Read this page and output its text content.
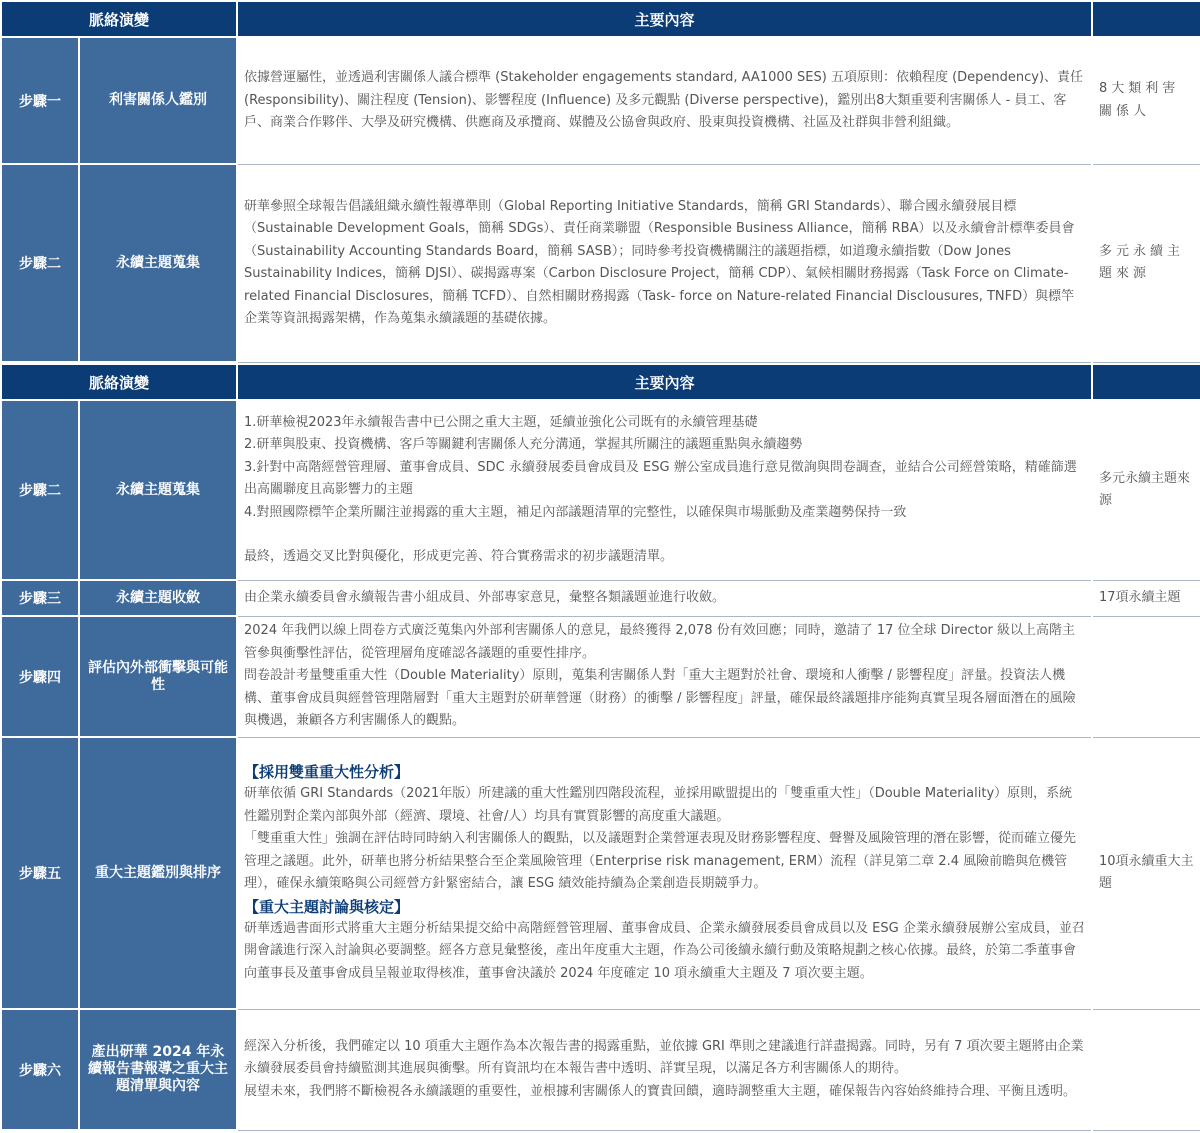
脈絡演變		主要內容	
步驟一	利害關係人鑑別	依據營運屬性，並透過利害關係人議合標準 (Stakeholder engagements standard, AA1000 SES) 五項原則：依賴程度 (Dependency)、責任 (Responsibility)、關注程度 (Tension)、影響程度 (Influence) 及多元觀點 (Diverse perspective)，鑑別出8大類重要利害關係人 - 員工、客戶、商業合作夥伴、大學及研究機構、供應商及承攬商、媒體及公協會與政府、股東與投資機構、社區及社群與非營利組織。	8大類利害關係人
步驟二	永續主題蒐集	研華參照全球報告倡議組織永續性報導準則（Global Reporting Initiative Standards，簡稱 GRI Standards）、聯合國永續發展目標（Sustainable Development Goals，簡稱 SDGs）、責任商業聯盟（Responsible Business Alliance，簡稱 RBA）以及永續會計標準委員會（Sustainability Accounting Standards Board，簡稱 SASB）；同時參考投資機構關注的議題指標，如道瓊永續指數（Dow Jones Sustainability Indices，簡稱 DJSI）、碳揭露專案（Carbon Disclosure Project，簡稱 CDP）、氣候相關財務揭露（Task Force on Climate-related Financial Disclosures，簡稱 TCFD）、自然相關財務揭露（Task- force on Nature-related Financial Disclousures, TNFD）與標竿企業等資訊揭露架構，作為蒐集永續議題的基礎依據。	多元永續主題來源
脈絡演變		主要內容	
步驟二	永續主題蒐集	1.研華檢視2023年永續報告書中已公開之重大主題，延續並強化公司既有的永續管理基礎
2.研華與股東、投資機構、客戶等關鍵利害關係人充分溝通，掌握其所關注的議題重點與永續趨勢
3.針對中高階經營管理層、董事會成員、SDC 永續發展委員會成員及 ESG 辦公室成員進行意見徵詢與問卷調查，並結合公司經營策略，精確篩選出高關聯度且高影響力的主題
4.對照國際標竿企業所關注並揭露的重大主題，補足內部議題清單的完整性，以確保與市場脈動及產業趨勢保持一致
最終，透過交叉比對與優化，形成更完善、符合實務需求的初步議題清單。	多元永續主題來源
步驟三	永續主題收斂	由企業永續委員會永續報告書小組成員、外部專家意見，彙整各類議題並進行收斂。	17項永續主題
步驟四	評估內外部衝擊與可能性	2024 年我們以線上問卷方式廣泛蒐集內外部利害關係人的意見，最終獲得 2,078 份有效回應；同時，邀請了 17 位全球 Director 級以上高階主管參與衝擊性評估，從管理層角度確認各議題的重要性排序。

問卷設計考量雙重重大性（Double Materiality）原則，蒐集利害關係人對「重大主題對於社會、環境和人衝擊 / 影響程度」評量。投資法人機構、董事會成員與經營管理階層對「重大主題對於研華營運（財務）的衝擊 / 影響程度」評量，確保最終議題排序能夠真實呈現各層面潛在的風險與機遇，兼顧各方利害關係人的觀點。	

步驟五	重大主題鑑別與排序	【採用雙重重大性分析】

研華依循 GRI Standards（2021年版）所建議的重大性鑑別四階段流程，並採用歐盟提出的「雙重重大性」（Double Materiality）原則，系統性鑑別對企業內部與外部（經濟、環境、社會/人）均具有實質影響的高度重大議題。

「雙重重大性」強調在評估時同時納入利害關係人的觀點，以及議題對企業營運表現及財務影響程度、聲譽及風險管理的潛在影響，從而確立優先管理之議題。此外，研華也將分析結果整合至企業風險管理（Enterprise risk management, ERM）流程（詳見第二章 2.4 風險前瞻與危機管理），確保永續策略與公司經營方針緊密結合，讓 ESG 績效能持續為企業創造長期競爭力。

【重大主題討論與核定】

研華透過書面形式將重大主題分析結果提交給中高階經營管理層、董事會成員、企業永續發展委員會成員以及 ESG 企業永續發展辦公室成員，並召開會議進行深入討論與必要調整。經各方意見彙整後，產出年度重大主題，作為公司後續永續行動及策略規劃之核心依據。最終，於第二季董事會向董事長及董事會成員呈報並取得核准，董事會決議於 2024 年度確定 10 項永續重大主題及 7 項次要主題。	10項永續重大主題
步驟六	產出研華 2024 年永續報告書報導之重大主題清單與內容	經深入分析後，我們確定以 10 項重大主題作為本次報告書的揭露重點，並依據 GRI 準則之建議進行詳盡揭露。同時，另有 7 項次要主題將由企業永續發展委員會持續監測其進展與衝擊。所有資訊均在本報告書中透明、詳實呈現，以滿足各方利害關係人的期待。

展望未來，我們將不斷檢視各永續議題的重要性，並根據利害關係人的寶貴回饋，適時調整重大主題，確保報告內容始終維持合理、平衡且透明。	
